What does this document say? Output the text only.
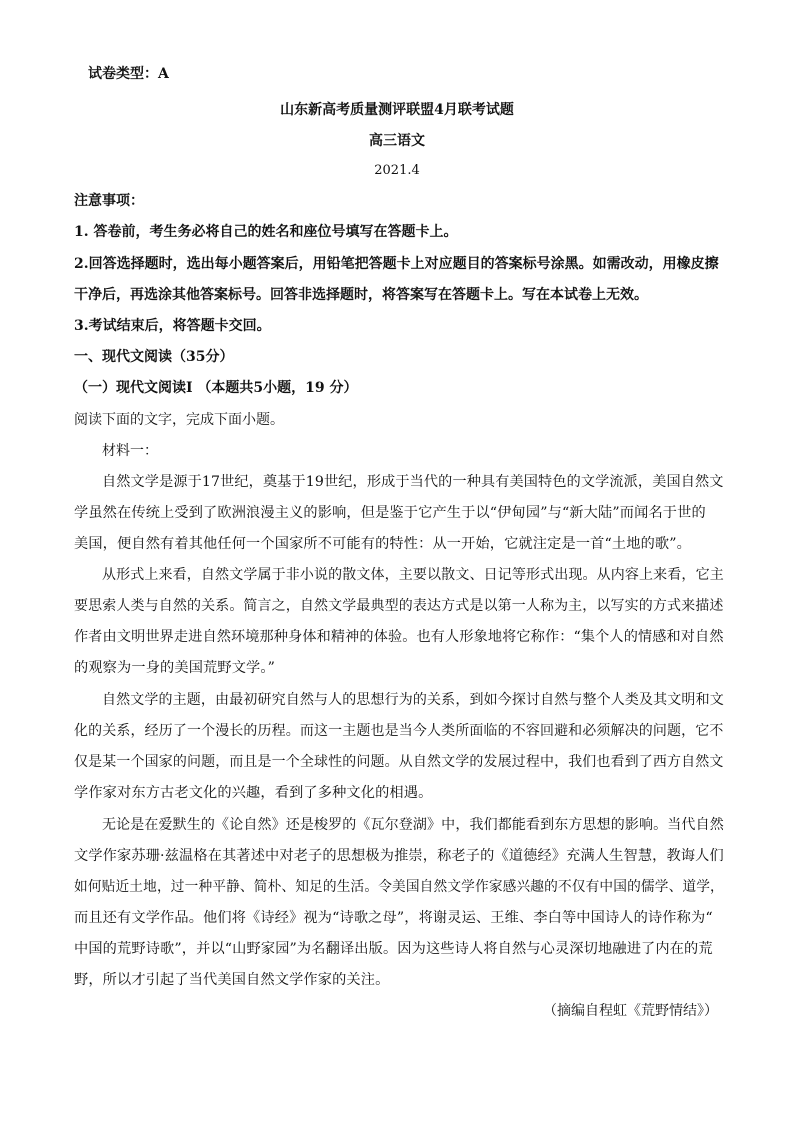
试卷类型：A
山东新高考质量测评联盟4月联考试题
高三语文
2021.4
注意事项：
1. 答卷前，考生务必将自己的姓名和座位号填写在答题卡上。
2.回答选择题时，选出每小题答案后，用铅笔把答题卡上对应题目的答案标号涂黑。如需改动，用橡皮擦
干净后，再选涂其他答案标号。回答非选择题时，将答案写在答题卡上。写在本试卷上无效。
3.考试结束后，将答题卡交回。
一、现代文阅读（35分）
（一）现代文阅读Ⅰ （本题共5小题，19 分）
阅读下面的文字，完成下面小题。
材料一：
自然文学是源于17世纪，奠基于19世纪，形成于当代的一种具有美国特色的文学流派，美国自然文
学虽然在传统上受到了欧洲浪漫主义的影响，但是鉴于它产生于以“伊甸园”与“新大陆”而闻名于世的
美国，便自然有着其他任何一个国家所不可能有的特性：从一开始，它就注定是一首“土地的歌”。
从形式上来看，自然文学属于非小说的散文体，主要以散文、日记等形式出现。从内容上来看，它主
要思索人类与自然的关系。简言之，自然文学最典型的表达方式是以第一人称为主，以写实的方式来描述
作者由文明世界走进自然环境那种身体和精神的体验。也有人形象地将它称作：“集个人的情感和对自然
的观察为一身的美国荒野文学。”
自然文学的主题，由最初研究自然与人的思想行为的关系，到如今探讨自然与整个人类及其文明和文
化的关系，经历了一个漫长的历程。而这一主题也是当今人类所面临的不容回避和必须解决的问题，它不
仅是某一个国家的问题，而且是一个全球性的问题。从自然文学的发展过程中，我们也看到了西方自然文
学作家对东方古老文化的兴趣，看到了多种文化的相遇。
无论是在爱默生的《论自然》还是梭罗的《瓦尔登湖》中，我们都能看到东方思想的影响。当代自然
文学作家苏珊·兹温格在其著述中对老子的思想极为推崇，称老子的《道德经》充满人生智慧，教诲人们
如何贴近土地，过一种平静、简朴、知足的生活。令美国自然文学作家感兴趣的不仅有中国的儒学、道学，
而且还有文学作品。他们将《诗经》视为“诗歌之母”，将谢灵运、王维、李白等中国诗人的诗作称为“
中国的荒野诗歌”，并以“山野家园”为名翻译出版。因为这些诗人将自然与心灵深切地融进了内在的荒
野，所以才引起了当代美国自然文学作家的关注。
（摘编自程虹《荒野情结》）
